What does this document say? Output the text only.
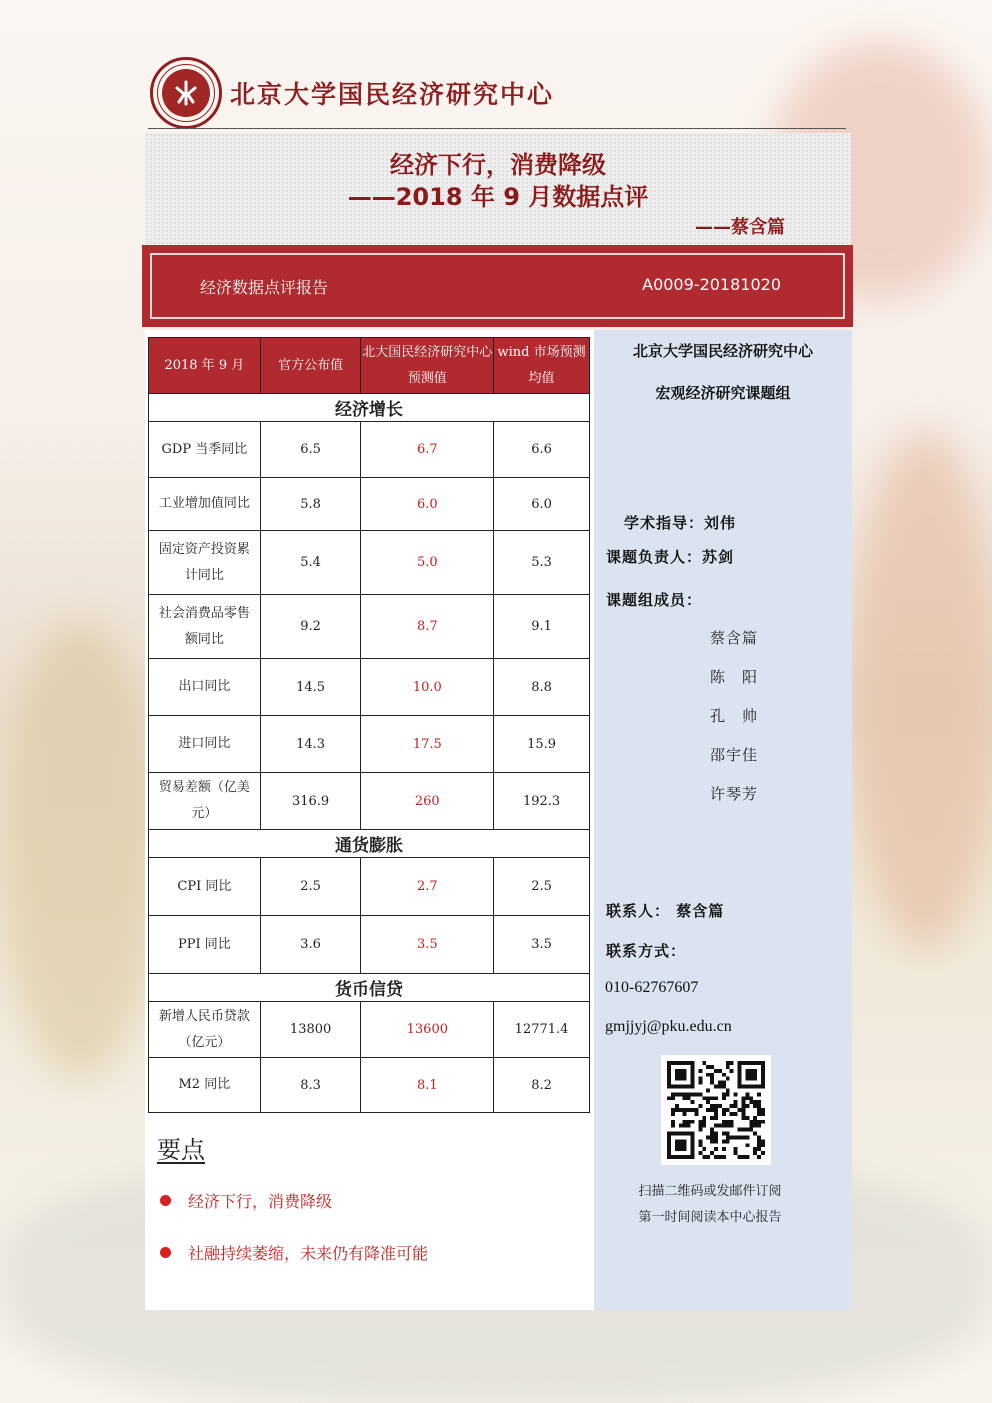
北京大学国民经济研究中心
经济下行，消费降级
——2018 年 9 月数据点评
——蔡含篇
经济数据点评报告	A0009-20181020
2018 年 9 月	官方公布值	北大国民经济研究中心预测值	wind 市场预测均值
经济增长			
GDP 当季同比	6.5	6.7	6.6
工业增加值同比	5.8	6.0	6.0
固定资产投资累计同比	5.4	5.0	5.3
社会消费品零售额同比	9.2	8.7	9.1
出口同比	14.5	10.0	8.8
进口同比	14.3	17.5	15.9
贸易差额（亿美元）	316.9	260	192.3
通货膨胀			
CPI 同比	2.5	2.7	2.5
PPI 同比	3.6	3.5	3.5
货币信贷			
新增人民币贷款（亿元）	13800	13600	12771.4
M2 同比	8.3	8.1	8.2
要点
经济下行，消费降级
社融持续萎缩，未来仍有降准可能
北京大学国民经济研究中心
宏观经济研究课题组
学术指导：刘伟
课题负责人：苏剑
课题组成员：
蔡含篇
陈　阳
孔　帅
邵宇佳
许琴芳
联系人： 蔡含篇
联系方式：
010-62767607
gmjjyj@pku.edu.cn
扫描二维码或发邮件订阅
第一时间阅读本中心报告
